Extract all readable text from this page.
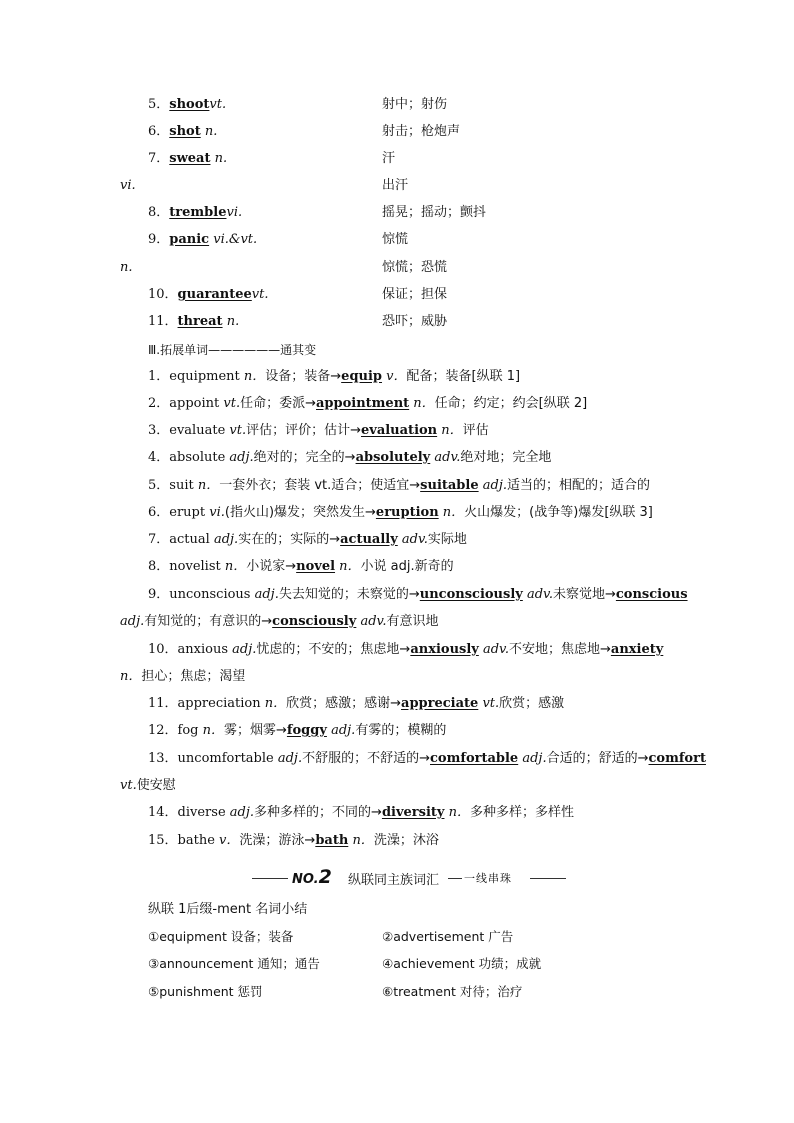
5．shootvt.	射中；射伤
6．shot n.	射击；枪炮声
7．sweat n.	汗
vi.	出汗
8．tremblevi.	摇晃；摇动；颤抖
9．panic vi.&vt.	惊慌
n.	惊慌；恐慌
10．guaranteevt.	保证；担保
11．threat n.	恐吓；威胁
Ⅲ.拓展单词——————通其变
1．equipment n．设备；装备→equip v．配备；装备[纵联 1]
2．appoint vt.任命；委派→appointment n．任命；约定；约会[纵联 2]
3．evaluate vt.评估；评价；估计→evaluation n．评估
4．absolute adj.绝对的；完全的→absolutely adv.绝对地；完全地
5．suit n．一套外衣；套装 vt.适合；使适宜→suitable adj.适当的；相配的；适合的
6．erupt vi.(指火山)爆发；突然发生→eruption n．火山爆发；(战争等)爆发[纵联 3]
7．actual adj.实在的；实际的→actually adv.实际地
8．novelist n．小说家→novel n．小说 adj.新奇的
9．unconscious adj.失去知觉的；未察觉的→unconsciously adv.未察觉地→conscious
adj.有知觉的；有意识的→consciously adv.有意识地
10．anxious adj.忧虑的；不安的；焦虑地→anxiously adv.不安地；焦虑地→anxiety
n．担心；焦虑；渴望
11．appreciation n．欣赏；感激；感谢→appreciate vt.欣赏；感激
12．fog n．雾；烟雾→foggy adj.有雾的；模糊的
13．uncomfortable adj.不舒服的；不舒适的→comfortable adj.合适的；舒适的→comfort
vt.使安慰
14．diverse adj.多种多样的；不同的→diversity n．多种多样；多样性
15．bathe v．洗澡；游泳→bath n．洗澡；沐浴
NO.2 纵联同主族词汇 一线串珠
纵联 1后缀-ment 名词小结
①equipment 设备；装备	②advertisement 广告
③announcement 通知；通告	④achievement 功绩；成就
⑤punishment 惩罚	⑥treatment 对待；治疗
